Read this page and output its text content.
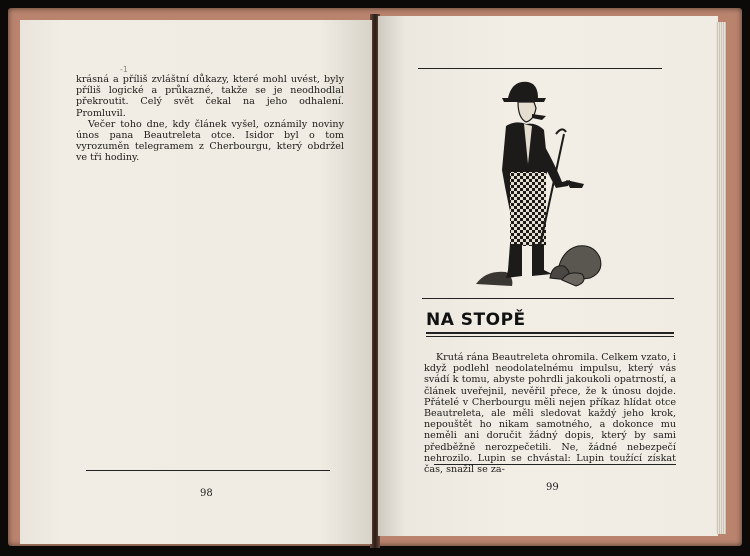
-1

krásná a příliš zvláštní důkazy, které mohl uvést, byly příliš logické a průkazné, takže se je neodhodlal překroutit. Celý svět čekal na jeho odhalení. Promluvil.

Večer toho dne, kdy článek vyšel, oznámily noviny únos pana Beautreleta otce. Isidor byl o tom vyrozuměn telegramem z Cherbourgu, který obdržel ve tři hodiny.

98
NA STOPĚ

Krutá rána Beautreleta ohromila. Celkem vzato, i když podlehl neodolatelnému impulsu, který vás svádí k tomu, abyste pohrdli jakoukoli opatrností, a článek uveřejnil, nevěřil přece, že k únosu dojde. Přátelé v Cherbourgu měli nejen příkaz hlídat otce Beautreleta, ale měli sledovat každý jeho krok, nepouštět ho nikam samotného, a dokonce mu neměli ani doručit žádný dopis, který by sami předběžně nerozpečetili. Ne, žádné nebezpečí nehrozilo. Lupin se chvástal: Lupin toužící získat čas, snažil se za-

99
